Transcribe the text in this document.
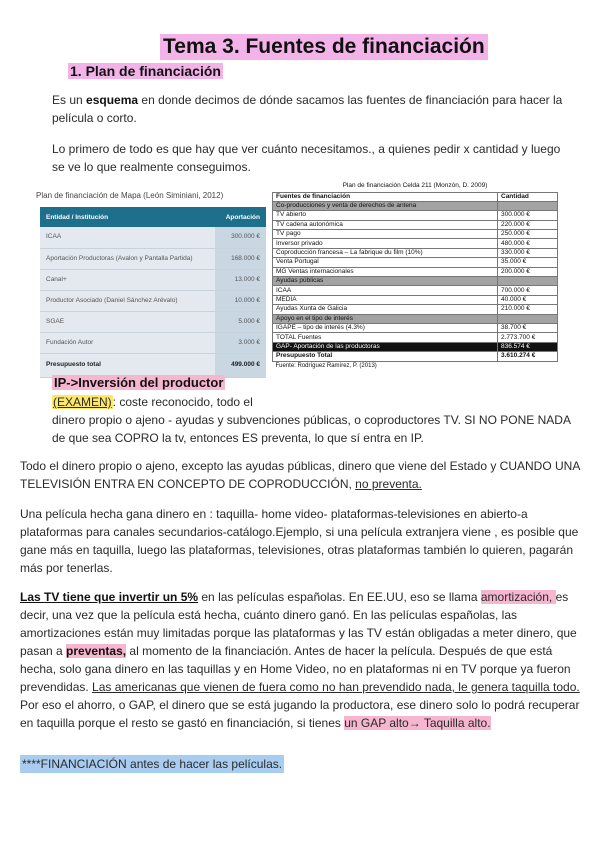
Tema 3. Fuentes de financiación
1. Plan de financiación
Es un esquema en donde decimos de dónde sacamos las fuentes de financiación para hacer la película o corto.
Lo primero de todo es que hay que ver cuánto necesitamos., a quienes pedir x cantidad y luego se ve lo que realmente conseguimos.
Plan de financiación de Mapa (León Siminiani, 2012)
Entidad / Institución	Aportación
ICAA	300.000 €
Aportación Productoras (Avalon y Pantalla Partida)	168.000 €
Canal+	13.000 €
Productor Asociado (Daniel Sánchez Arévalo)	10.000 €
SGAE	5.000 €
Fundación Autor	3.000 €
Presupuesto total	499.000 €
Plan de financiación Celda 211 (Monzón, D. 2009)	
Fuentes de financiación	Cantidad
Co-producciones y venta de derechos de antena	
TV abierto	300.000 €
TV cadena autonómica	220.000 €
TV pago	250.000 €
Inversor privado	480.000 €
Coproducción francesa – La fabrique du film (10%)	330.000 €
Venta Portugal	35.000 €
MG Ventas internacionales	200.000 €
Ayudas públicas	
ICAA	700.000 €
MEDIA	40.000 €
Ayudas Xunta de Galicia	210.000 €
Apoyo en el tipo de interés	
IGAPE – tipo de interés (4.3%)	38.700 €
TOTAL Fuentes	2.773.700 €
GAP- Aportación de las productoras	836.574 €
Presupuesto Total	3.610.274 €
Fuente: Rodríguez Ramírez, P. (2013)	
IP->Inversión del productor
(EXAMEN): coste reconocido, todo el
dinero propio o ajeno - ayudas y subvenciones públicas, o coproductores TV. SI NO PONE NADA de que sea COPRO la tv, entonces ES preventa, lo que sí entra en IP.
Todo el dinero propio o ajeno, excepto las ayudas públicas, dinero que viene del Estado y CUANDO UNA TELEVISIÓN ENTRA EN CONCEPTO DE COPRODUCCIÓN, no preventa.
Una película hecha gana dinero en : taquilla- home video- plataformas-televisiones en abierto-a plataformas para canales secundarios-catálogo.Ejemplo, si una película extranjera viene , es posible que gane más en taquilla, luego las plataformas, televisiones, otras plataformas también lo quieren, pagarán más por tenerlas.
Las TV tiene que invertir un 5% en las películas españolas. En EE.UU, eso se llama amortización, es decir, una vez que la película está hecha, cuánto dinero ganó. En las películas españolas, las amortizaciones están muy limitadas porque las plataformas y las TV están obligadas a meter dinero, que pasan a preventas, al momento de la financiación. Antes de hacer la película. Después de que está hecha, solo gana dinero en las taquillas y en Home Video, no en plataformas ni en TV porque ya fueron prevendidas. Las americanas que vienen de fuera como no han prevendido nada, le genera taquilla todo. Por eso el ahorro, o GAP, el dinero que se está jugando la productora, ese dinero solo lo podrá recuperar en taquilla porque el resto se gastó en financiación, si tienes un GAP alto→ Taquilla alto.
****FINANCIACIÓN antes de hacer las películas.
